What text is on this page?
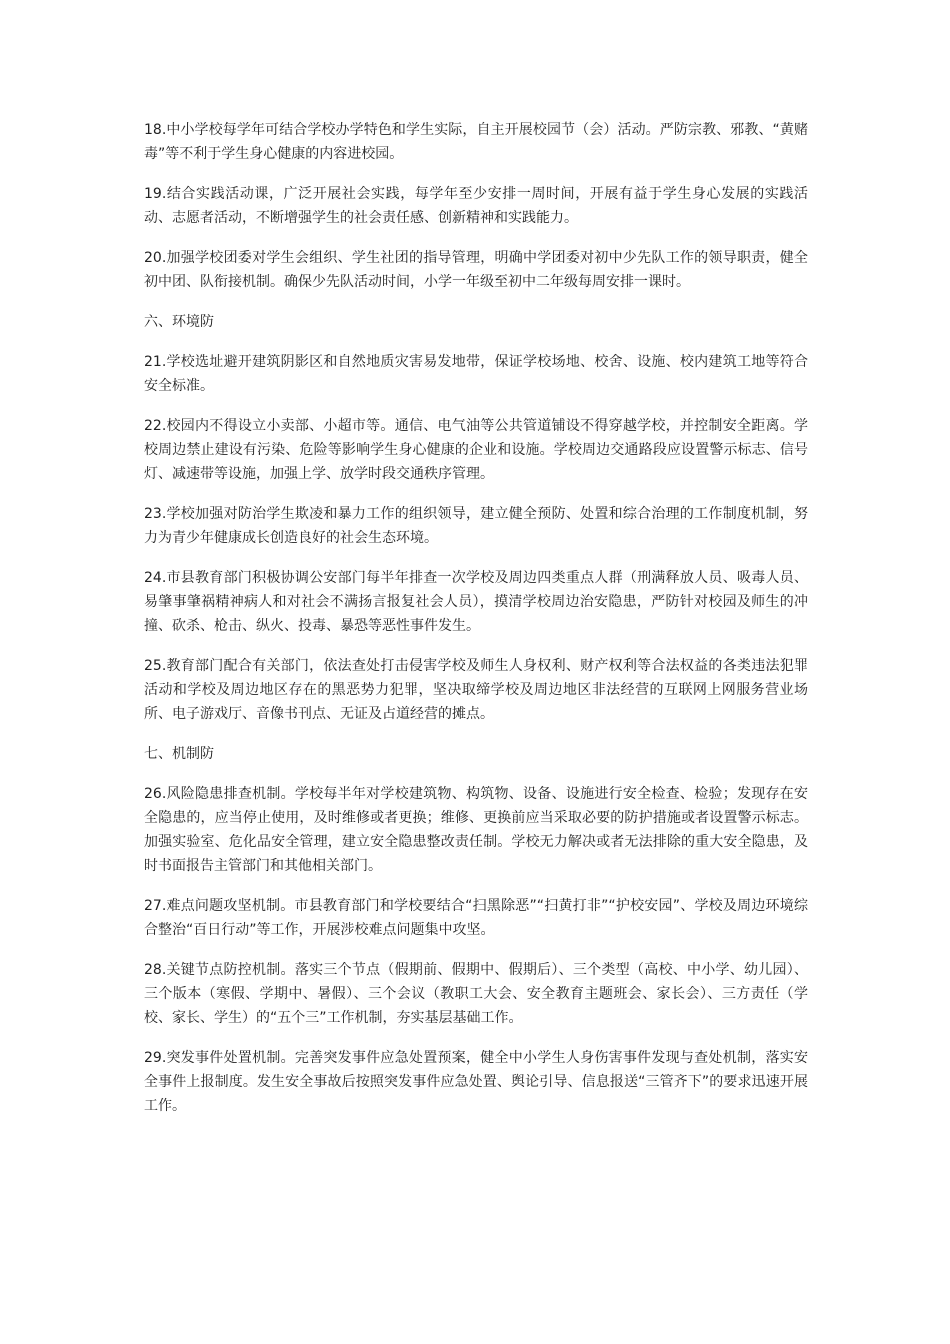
18.中小学校每学年可结合学校办学特色和学生实际，自主开展校园节（会）活动。严防宗教、邪教、“黄赌毒”等不利于学生身心健康的内容进校园。

19.结合实践活动课，广泛开展社会实践，每学年至少安排一周时间，开展有益于学生身心发展的实践活动、志愿者活动，不断增强学生的社会责任感、创新精神和实践能力。

20.加强学校团委对学生会组织、学生社团的指导管理，明确中学团委对初中少先队工作的领导职责，健全初中团、队衔接机制。确保少先队活动时间，小学一年级至初中二年级每周安排一课时。

六、环境防

21.学校选址避开建筑阴影区和自然地质灾害易发地带，保证学校场地、校舍、设施、校内建筑工地等符合安全标准。

22.校园内不得设立小卖部、小超市等。通信、电气油等公共管道铺设不得穿越学校，并控制安全距离。学校周边禁止建设有污染、危险等影响学生身心健康的企业和设施。学校周边交通路段应设置警示标志、信号灯、减速带等设施，加强上学、放学时段交通秩序管理。

23.学校加强对防治学生欺凌和暴力工作的组织领导，建立健全预防、处置和综合治理的工作制度机制，努力为青少年健康成长创造良好的社会生态环境。

24.市县教育部门积极协调公安部门每半年排查一次学校及周边四类重点人群（刑满释放人员、吸毒人员、易肇事肇祸精神病人和对社会不满扬言报复社会人员），摸清学校周边治安隐患，严防针对校园及师生的冲撞、砍杀、枪击、纵火、投毒、暴恐等恶性事件发生。

25.教育部门配合有关部门，依法查处打击侵害学校及师生人身权利、财产权利等合法权益的各类违法犯罪活动和学校及周边地区存在的黑恶势力犯罪，坚决取缔学校及周边地区非法经营的互联网上网服务营业场所、电子游戏厅、音像书刊点、无证及占道经营的摊点。

七、机制防

26.风险隐患排查机制。学校每半年对学校建筑物、构筑物、设备、设施进行安全检查、检验；发现存在安全隐患的，应当停止使用，及时维修或者更换；维修、更换前应当采取必要的防护措施或者设置警示标志。加强实验室、危化品安全管理，建立安全隐患整改责任制。学校无力解决或者无法排除的重大安全隐患，及时书面报告主管部门和其他相关部门。

27.难点问题攻坚机制。市县教育部门和学校要结合“扫黑除恶”“扫黄打非”“护校安园”、学校及周边环境综合整治“百日行动”等工作，开展涉校难点问题集中攻坚。

28.关键节点防控机制。落实三个节点（假期前、假期中、假期后）、三个类型（高校、中小学、幼儿园）、三个版本（寒假、学期中、暑假）、三个会议（教职工大会、安全教育主题班会、家长会）、三方责任（学校、家长、学生）的“五个三”工作机制，夯实基层基础工作。

29.突发事件处置机制。完善突发事件应急处置预案，健全中小学生人身伤害事件发现与查处机制，落实安全事件上报制度。发生安全事故后按照突发事件应急处置、舆论引导、信息报送“三管齐下”的要求迅速开展工作。
